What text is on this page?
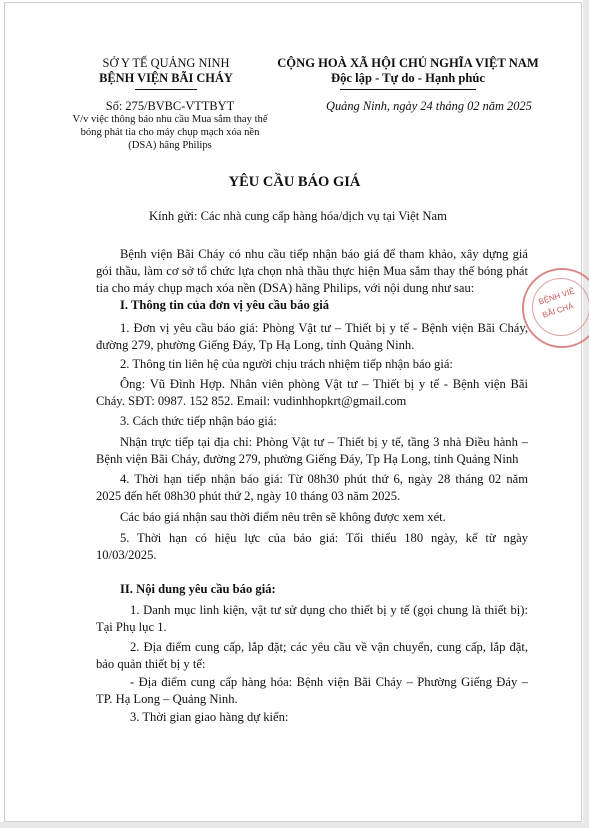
SỞ Y TẾ QUẢNG NINH
BỆNH VIỆN BÃI CHÁY
CỘNG HOÀ XÃ HỘI CHỦ NGHĨA VIỆT NAM
Độc lập - Tự do - Hạnh phúc
Số: 275/BVBC-VTTBYT
V/v việc thông báo nhu cầu Mua sắm thay thế
bóng phát tia cho máy chụp mạch xóa nền
(DSA) hãng Philips
Quảng Ninh, ngày 24 tháng 02 năm 2025
YÊU CẦU BÁO GIÁ
Kính gửi: Các nhà cung cấp hàng hóa/dịch vụ tại Việt Nam
Bệnh viện Bãi Cháy có nhu cầu tiếp nhận báo giá để tham khảo, xây dựng giá
gói thầu, làm cơ sở tổ chức lựa chọn nhà thầu thực hiện Mua sắm thay thế bóng phát
tia cho máy chụp mạch xóa nền (DSA) hãng Philips, với nội dung như sau:
I. Thông tin của đơn vị yêu cầu báo giá
1. Đơn vị yêu cầu báo giá: Phòng Vật tư – Thiết bị y tế - Bệnh viện Bãi Cháy,
đường 279, phường Giếng Đáy, Tp Hạ Long, tỉnh Quảng Ninh.
2. Thông tin liên hệ của người chịu trách nhiệm tiếp nhận báo giá:
Ông: Vũ Đình Hợp. Nhân viên phòng Vật tư – Thiết bị y tế - Bệnh viện Bãi
Cháy. SĐT: 0987. 152 852. Email: vudinhhopkrt@gmail.com
3. Cách thức tiếp nhận báo giá:
Nhận trực tiếp tại địa chỉ: Phòng Vật tư – Thiết bị y tế, tầng 3 nhà Điều hành –
Bệnh viện Bãi Cháy, đường 279, phường Giếng Đáy, Tp Hạ Long, tỉnh Quảng Ninh
4. Thời hạn tiếp nhận báo giá: Từ 08h30 phút thứ 6, ngày 28 tháng 02 năm
2025 đến hết 08h30 phút thứ 2, ngày 10 tháng 03 năm 2025.
Các báo giá nhận sau thời điểm nêu trên sẽ không được xem xét.
5. Thời hạn có hiệu lực của báo giá: Tối thiểu 180 ngày, kể từ ngày
10/03/2025.
II. Nội dung yêu cầu báo giá:
1. Danh mục linh kiện, vật tư sử dụng cho thiết bị y tế (gọi chung là thiết bị):
Tại Phụ lục 1.
2. Địa điểm cung cấp, lắp đặt; các yêu cầu về vận chuyển, cung cấp, lắp đặt,
bảo quản thiết bị y tế:
- Địa điểm cung cấp hàng hóa: Bệnh viện Bãi Cháy – Phường Giếng Đáy –
TP. Hạ Long – Quảng Ninh.
3. Thời gian giao hàng dự kiến:
BỆNH VIỆ
BÃI CHÁ
